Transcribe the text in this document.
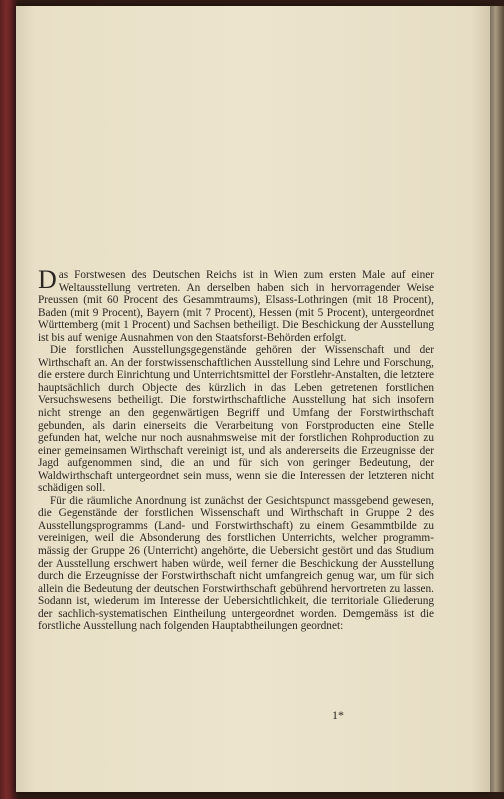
Das Forstwesen des Deutschen Reichs ist in Wien zum ersten Male auf einer Weltausstellung vertreten. An derselben haben sich in hervorragender Weise Preussen (mit 60 Procent des Gesammtraums), Elsass-Lothringen (mit 18 Procent), Baden (mit 9 Procent), Bayern (mit 7 Procent), Hessen (mit 5 Procent), untergeordnet Württemberg (mit 1 Procent) und Sachsen betheiligt. Die Beschickung der Ausstellung ist bis auf wenige Ausnahmen von den Staatsforst-Behörden erfolgt.

Die forstlichen Ausstellungsgegenstände gehören der Wissenschaft und der Wirthschaft an. An der forstwissenschaftlichen Ausstellung sind Lehre und Forschung, die erstere durch Einrichtung und Unterrichtsmittel der Forstlehr-Anstalten, die letztere hauptsächlich durch Objecte des kürzlich in das Leben getretenen forstlichen Versuchswesens betheiligt. Die forstwirthschaftliche Ausstellung hat sich insofern nicht strenge an den gegenwärtigen Begriff und Umfang der Forstwirthschaft gebunden, als darin einerseits die Verarbeitung von Forstproducten eine Stelle gefunden hat, welche nur noch ausnahmsweise mit der forstlichen Rohproduction zu einer gemeinsamen Wirthschaft vereinigt ist, und als andererseits die Erzeugnisse der Jagd aufgenommen sind, die an und für sich von geringer Bedeutung, der Waldwirthschaft untergeordnet sein muss, wenn sie die Interessen der letzteren nicht schädigen soll.

Für die räumliche Anordnung ist zunächst der Gesichtspunct massgebend gewesen, die Gegenstände der forstlichen Wissenschaft und Wirthschaft in Gruppe 2 des Ausstellungsprogramms (Land- und Forstwirthschaft) zu einem Gesammtbilde zu vereinigen, weil die Absonderung des forstlichen Unterrichts, welcher programmmässig der Gruppe 26 (Unterricht) angehörte, die Uebersicht gestört und das Studium der Ausstellung erschwert haben würde, weil ferner die Beschickung der Ausstellung durch die Erzeugnisse der Forstwirthschaft nicht umfangreich genug war, um für sich allein die Bedeutung der deutschen Forstwirthschaft gebührend hervortreten zu lassen. Sodann ist, wiederum im Interesse der Uebersichtlichkeit, die territoriale Gliederung der sachlich-systematischen Eintheilung untergeordnet worden. Demgemäss ist die forstliche Ausstellung nach folgenden Hauptabtheilungen geordnet:

1*
